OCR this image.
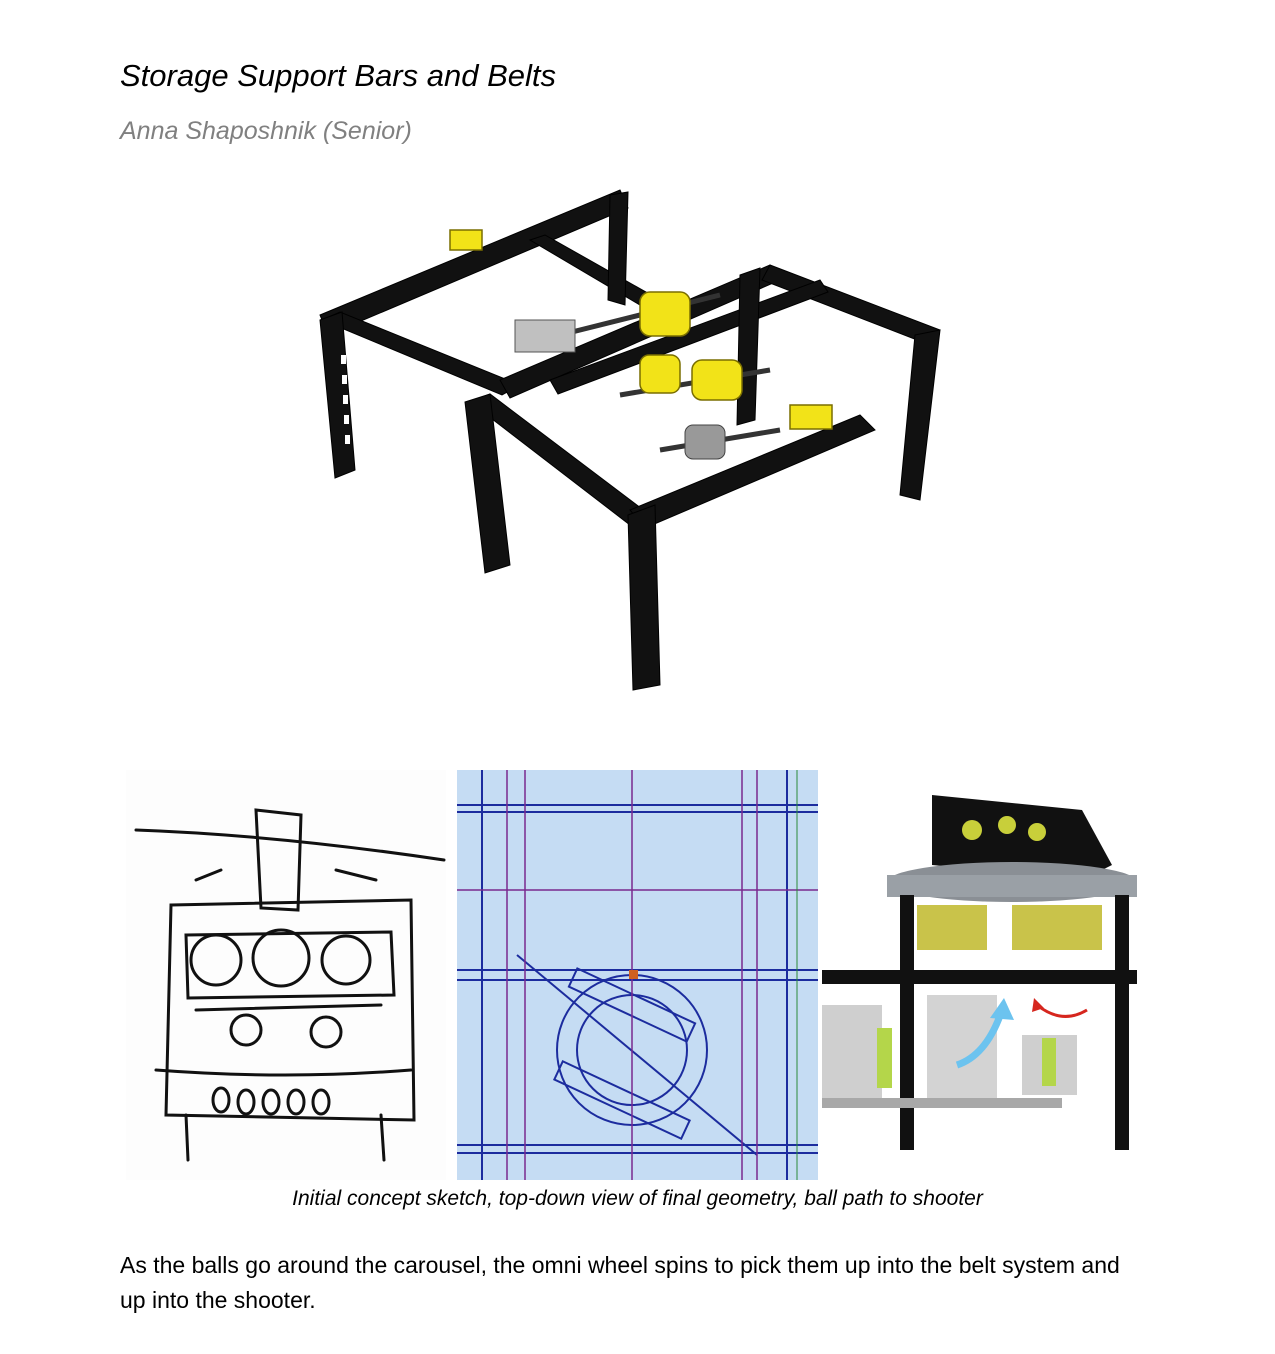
Storage Support Bars and Belts
Anna Shaposhnik (Senior)

Initial concept sketch, top-down view of final geometry, ball path to shooter

As the balls go around the carousel, the omni wheel spins to pick them up into the belt system and up into the shooter.
